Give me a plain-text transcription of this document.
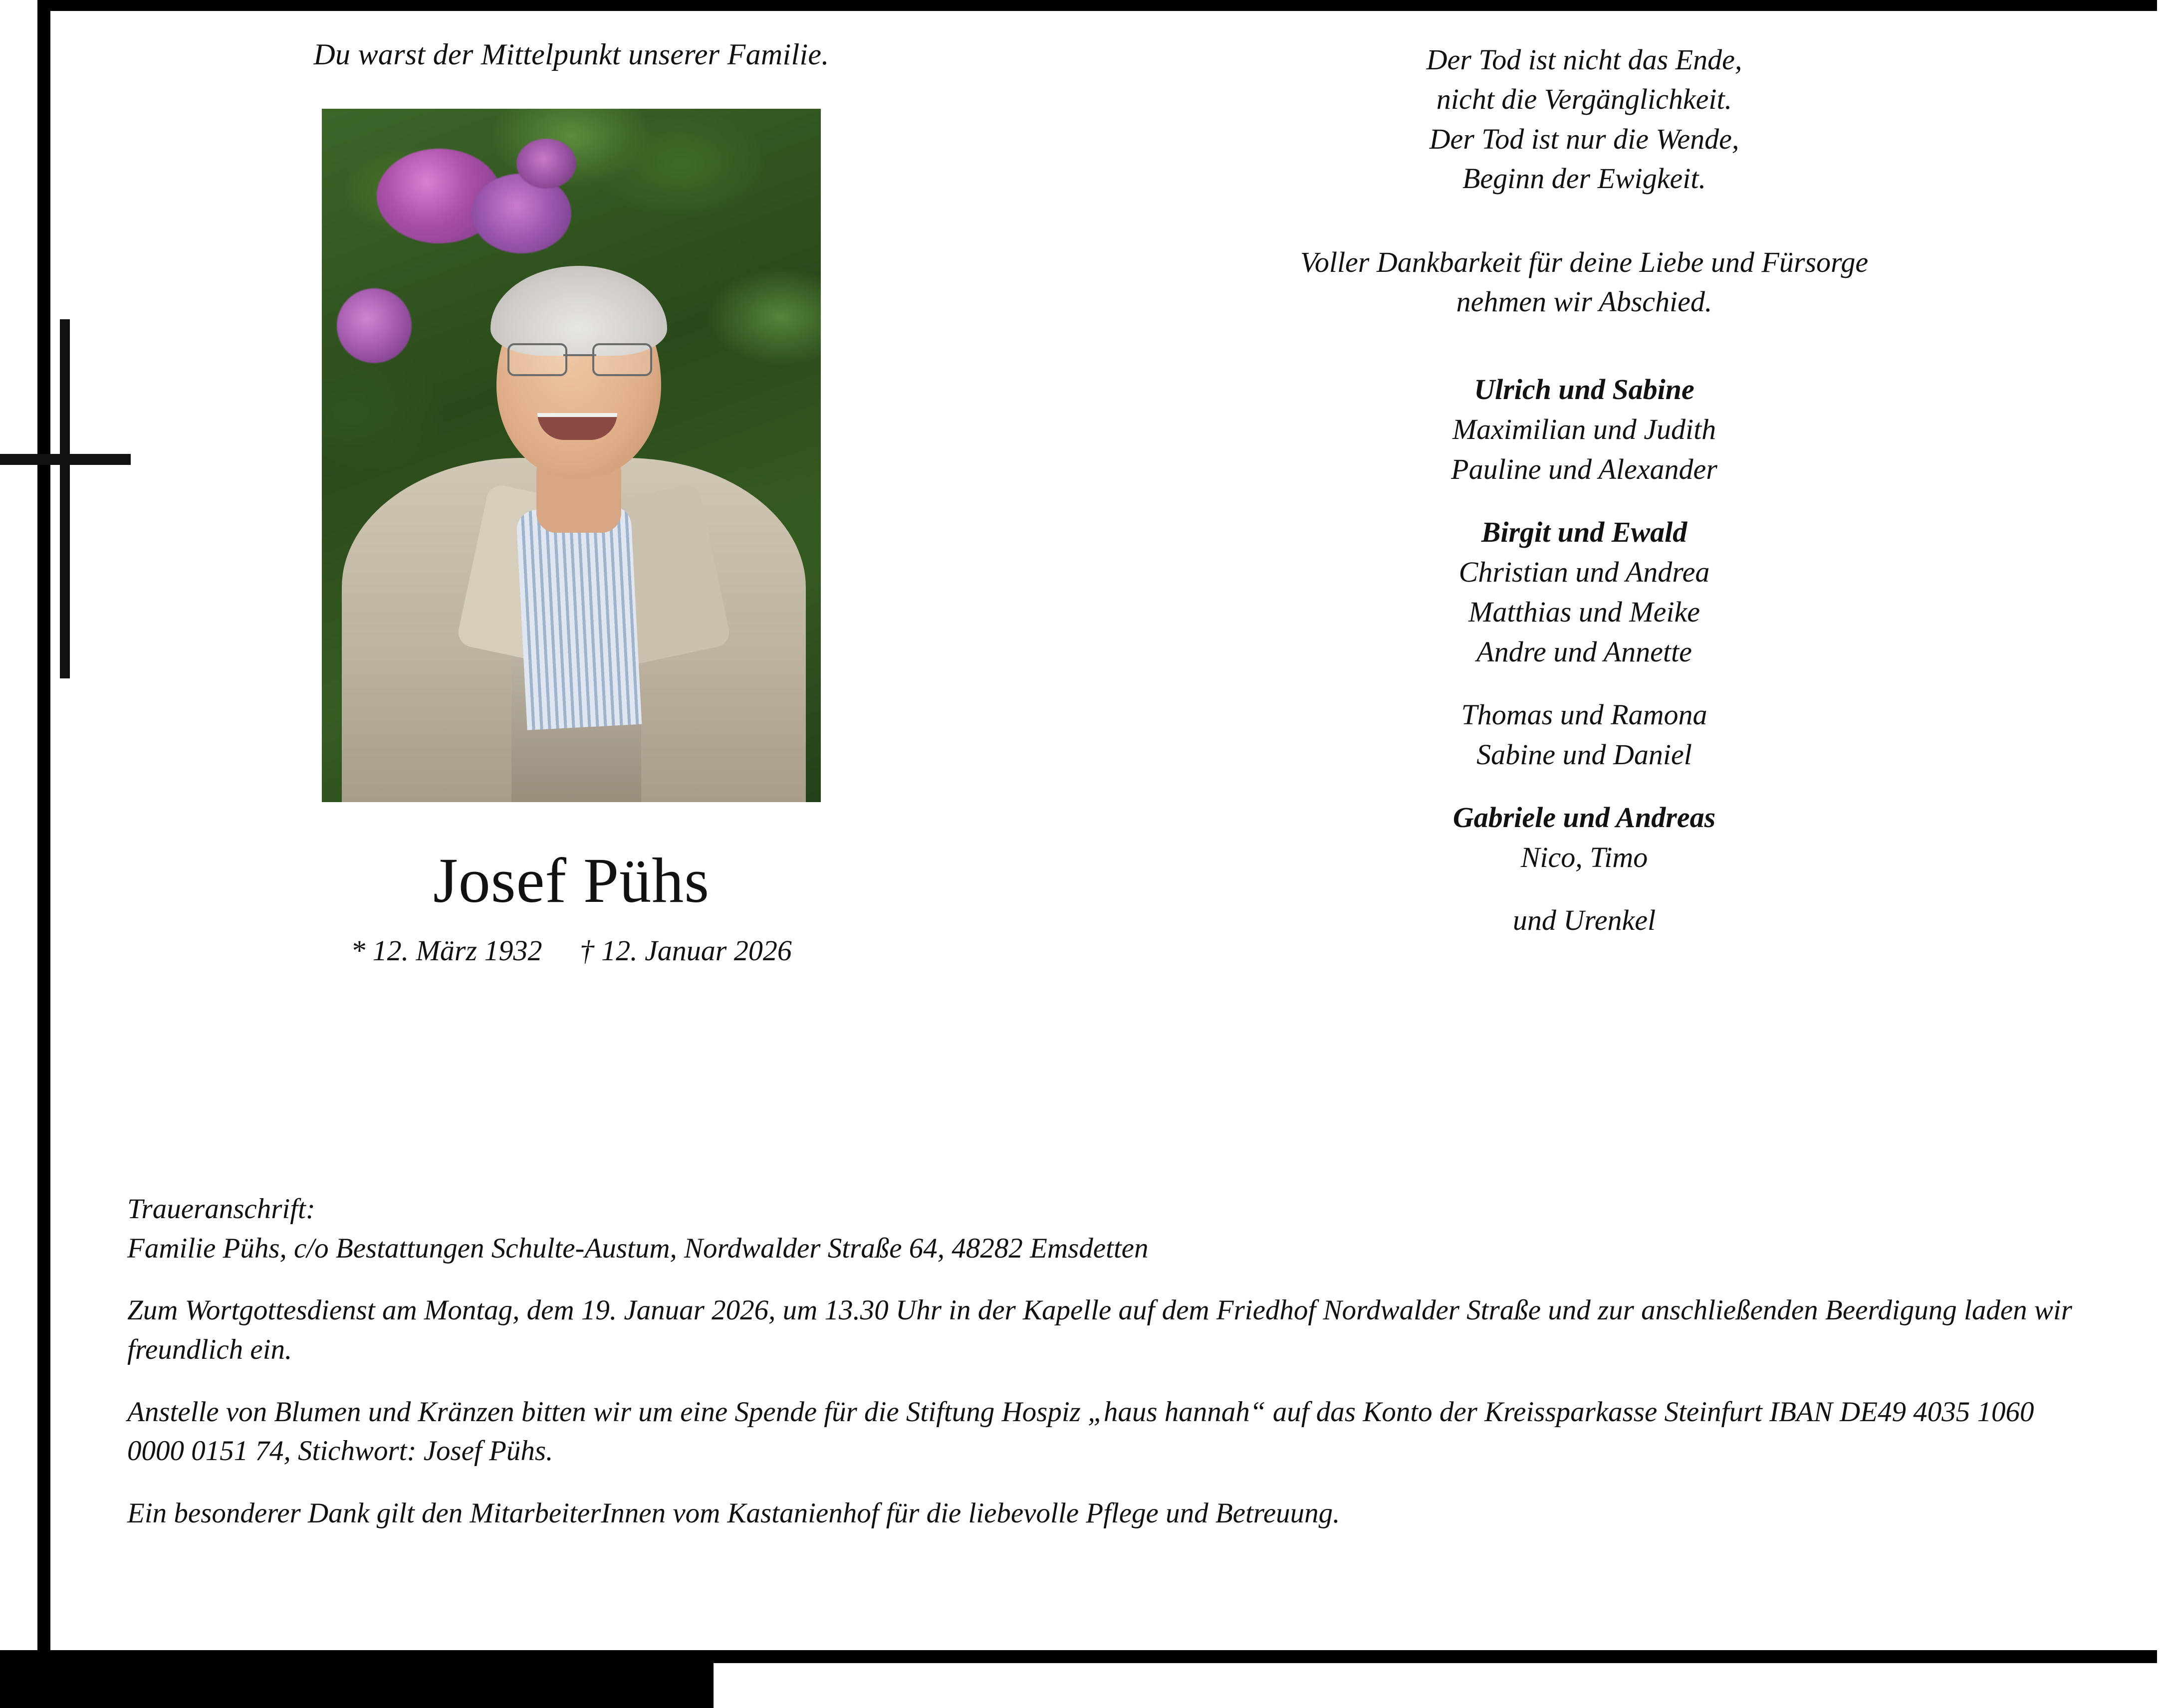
Du warst der Mittelpunkt unserer Familie.
Josef Pühs
* 12. März 1932 † 12. Januar 2026
Der Tod ist nicht das Ende,
nicht die Vergänglichkeit.
Der Tod ist nur die Wende,
Beginn der Ewigkeit.
Voller Dankbarkeit für deine Liebe und Fürsorge
nehmen wir Abschied.
Ulrich und Sabine
Maximilian und Judith
Pauline und Alexander
Birgit und Ewald
Christian und Andrea
Matthias und Meike
Andre und Annette
Thomas und Ramona
Sabine und Daniel
Gabriele und Andreas
Nico, Timo
und Urenkel

Traueranschrift:
Familie Pühs, c/o Bestattungen Schulte-Austum, Nordwalder Straße 64, 48282 Emsdetten

Zum Wortgottesdienst am Montag, dem 19. Januar 2026, um 13.30 Uhr in der Kapelle auf dem Friedhof Nordwalder Straße und zur anschließenden Beerdigung laden wir freundlich ein.

Anstelle von Blumen und Kränzen bitten wir um eine Spende für die Stiftung Hospiz „haus hannah“ auf das Konto der Kreissparkasse Steinfurt IBAN DE49 4035 1060 0000 0151 74, Stichwort: Josef Pühs.

Ein besonderer Dank gilt den MitarbeiterInnen vom Kastanienhof für die liebevolle Pflege und Betreuung.
